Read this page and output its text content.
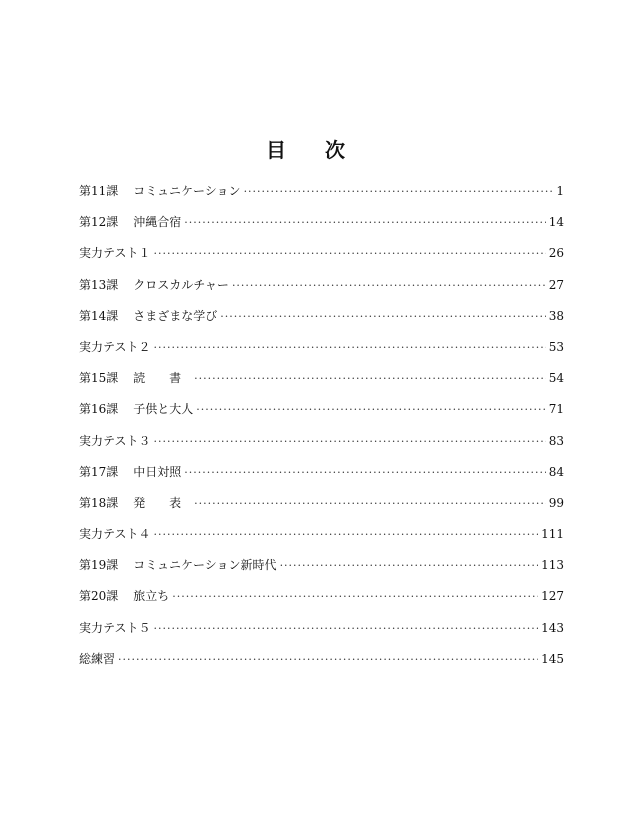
目 次
第11課 コミュニケーション ·····	1
第12課 沖縄合宿 ·····	14
実力テスト１ ·····	26
第13課 クロスカルチャー ·····	27
第14課 さまざまな学び ·····	38
実力テスト２ ·····	53
第15課 読 書 ·····	54
第16課 子供と大人 ·····	71
実力テスト３ ·····	83
第17課 中日対照 ·····	84
第18課 発 表 ·····	99
実力テスト４ ·····	111
第19課 コミュニケーション新時代 ·····	113
第20課 旅立ち ·····	127
実力テスト５ ·····	143
総練習 ·····	145
